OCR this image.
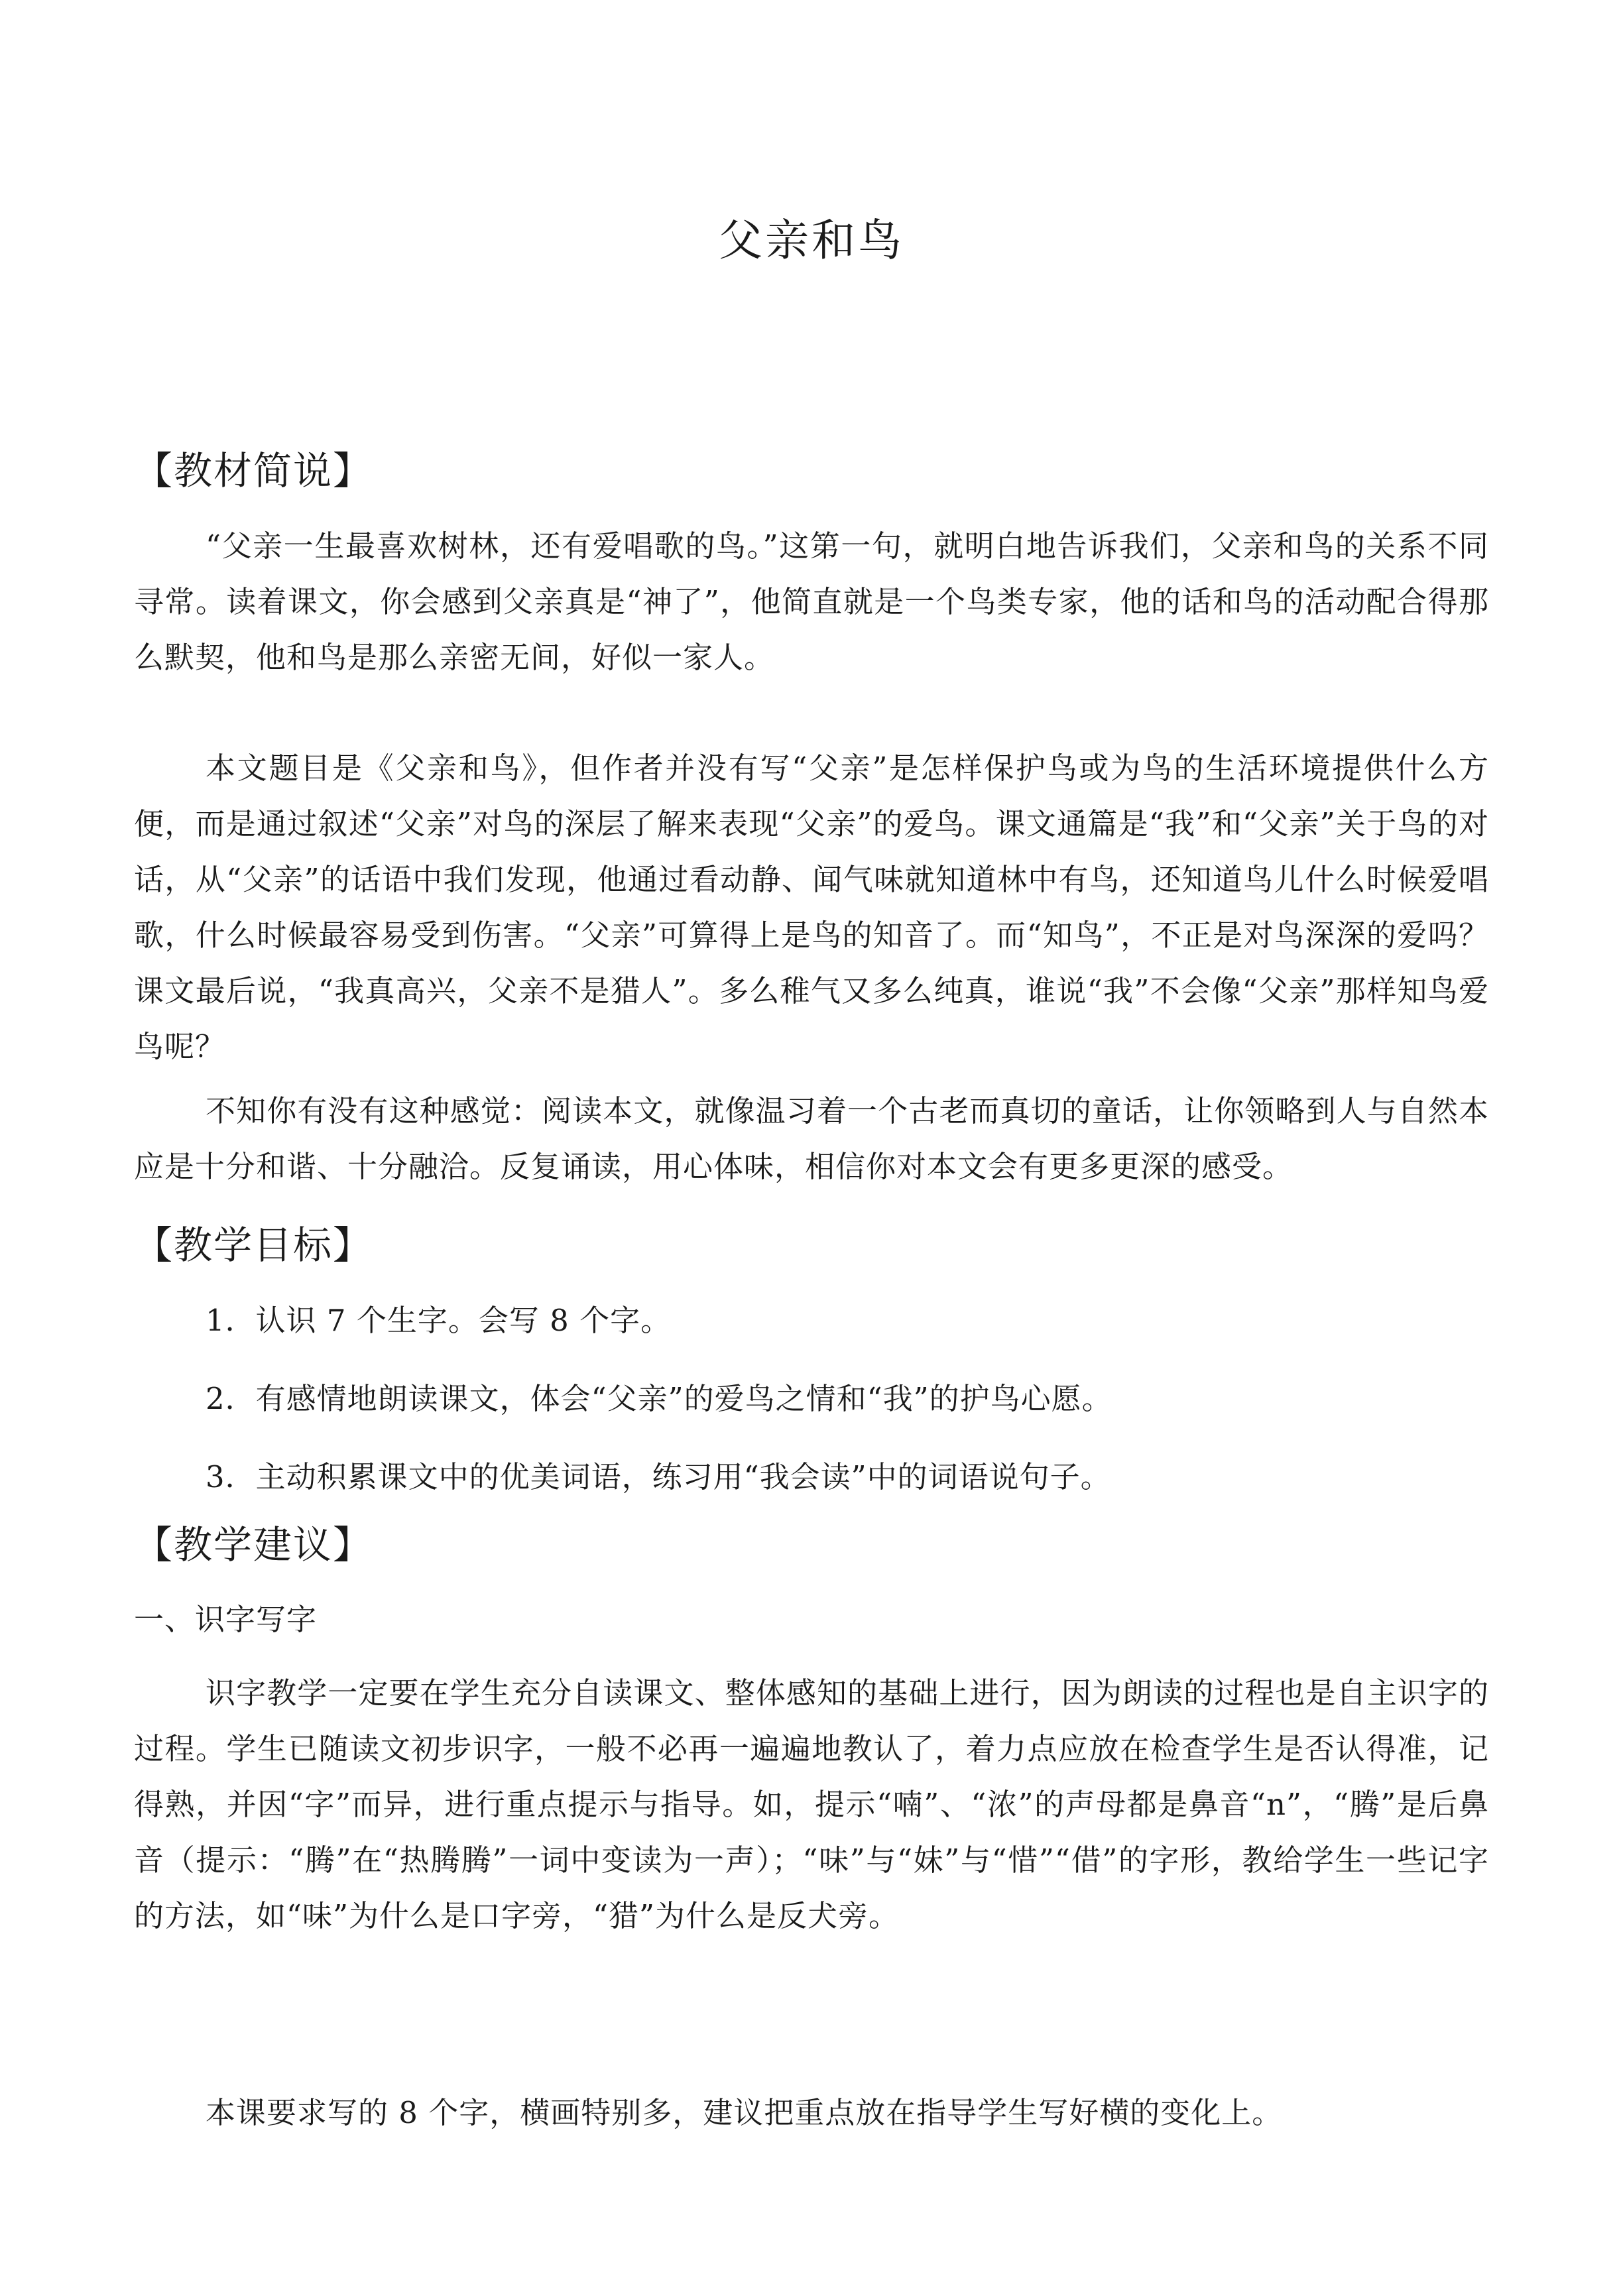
父亲和鸟
【教材简说】
“父亲一生最喜欢树林，还有爱唱歌的鸟。”这第一句，就明白地告诉我们，父亲和鸟的关系不同寻常。读着课文，你会感到父亲真是“神了”，他简直就是一个鸟类专家，他的话和鸟的活动配合得那么默契，他和鸟是那么亲密无间，好似一家人。
本文题目是《父亲和鸟》，但作者并没有写“父亲”是怎样保护鸟或为鸟的生活环境提供什么方便，而是通过叙述“父亲”对鸟的深层了解来表现“父亲”的爱鸟。课文通篇是“我”和“父亲”关于鸟的对话，从“父亲”的话语中我们发现，他通过看动静、闻气味就知道林中有鸟，还知道鸟儿什么时候爱唱歌，什么时候最容易受到伤害。“父亲”可算得上是鸟的知音了。而“知鸟”，不正是对鸟深深的爱吗？课文最后说，“我真高兴，父亲不是猎人”。多么稚气又多么纯真，谁说“我”不会像“父亲”那样知鸟爱鸟呢？
不知你有没有这种感觉：阅读本文，就像温习着一个古老而真切的童话，让你领略到人与自然本应是十分和谐、十分融洽。反复诵读，用心体味，相信你对本文会有更多更深的感受。
【教学目标】
1．认识 7 个生字。会写 8 个字。
2．有感情地朗读课文，体会“父亲”的爱鸟之情和“我”的护鸟心愿。
3．主动积累课文中的优美词语，练习用“我会读”中的词语说句子。
【教学建议】
一、识字写字
识字教学一定要在学生充分自读课文、整体感知的基础上进行，因为朗读的过程也是自主识字的过程。学生已随读文初步识字，一般不必再一遍遍地教认了，着力点应放在检查学生是否认得准，记得熟，并因“字”而异，进行重点提示与指导。如，提示“喃”、“浓”的声母都是鼻音“n”，“腾”是后鼻音（提示：“腾”在“热腾腾”一词中变读为一声）；“味”与“妹”与“惜”“借”的字形，教给学生一些记字的方法，如“味”为什么是口字旁，“猎”为什么是反犬旁。
本课要求写的 8 个字，横画特别多，建议把重点放在指导学生写好横的变化上。
